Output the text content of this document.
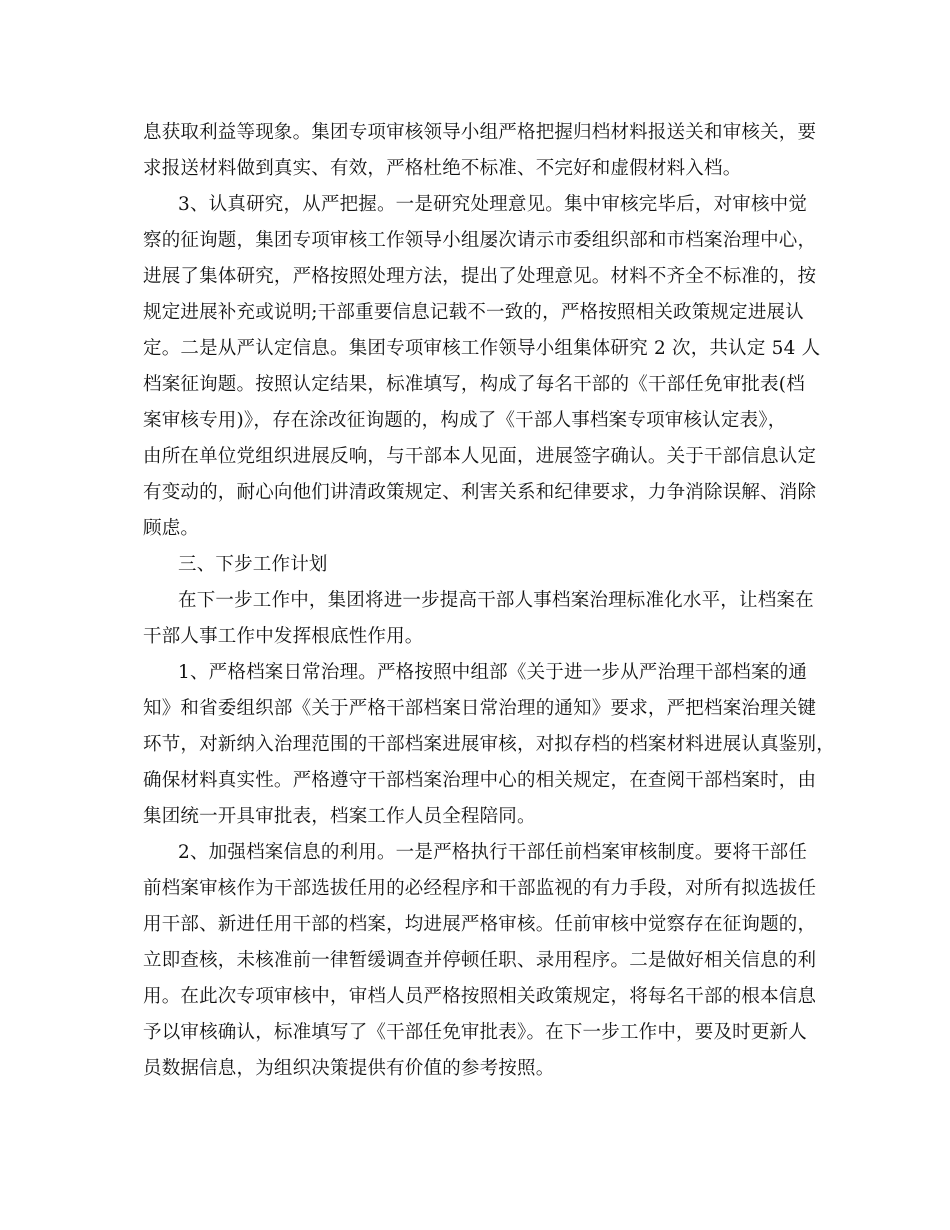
息获取利益等现象。集团专项审核领导小组严格把握归档材料报送关和审核关，要

求报送材料做到真实、有效，严格杜绝不标准、不完好和虚假材料入档。

3、认真研究，从严把握。一是研究处理意见。集中审核完毕后，对审核中觉

察的征询题，集团专项审核工作领导小组屡次请示市委组织部和市档案治理中心，

进展了集体研究，严格按照处理方法，提出了处理意见。材料不齐全不标准的，按

规定进展补充或说明;干部重要信息记载不一致的，严格按照相关政策规定进展认

定。二是从严认定信息。集团专项审核工作领导小组集体研究 2 次，共认定 54 人

档案征询题。按照认定结果，标准填写，构成了每名干部的《干部任免审批表(档

案审核专用)》，存在涂改征询题的，构成了《干部人事档案专项审核认定表》，

由所在单位党组织进展反响，与干部本人见面，进展签字确认。关于干部信息认定

有变动的，耐心向他们讲清政策规定、利害关系和纪律要求，力争消除误解、消除

顾虑。

三、下步工作计划

在下一步工作中，集团将进一步提高干部人事档案治理标准化水平，让档案在

干部人事工作中发挥根底性作用。

1、严格档案日常治理。严格按照中组部《关于进一步从严治理干部档案的通

知》和省委组织部《关于严格干部档案日常治理的通知》要求，严把档案治理关键

环节，对新纳入治理范围的干部档案进展审核，对拟存档的档案材料进展认真鉴别，

确保材料真实性。严格遵守干部档案治理中心的相关规定，在查阅干部档案时，由

集团统一开具审批表，档案工作人员全程陪同。

2、加强档案信息的利用。一是严格执行干部任前档案审核制度。要将干部任

前档案审核作为干部选拔任用的必经程序和干部监视的有力手段，对所有拟选拔任

用干部、新进任用干部的档案，均进展严格审核。任前审核中觉察存在征询题的，

立即查核，未核准前一律暂缓调查并停顿任职、录用程序。二是做好相关信息的利

用。在此次专项审核中，审档人员严格按照相关政策规定，将每名干部的根本信息

予以审核确认，标准填写了《干部任免审批表》。在下一步工作中，要及时更新人

员数据信息，为组织决策提供有价值的参考按照。
